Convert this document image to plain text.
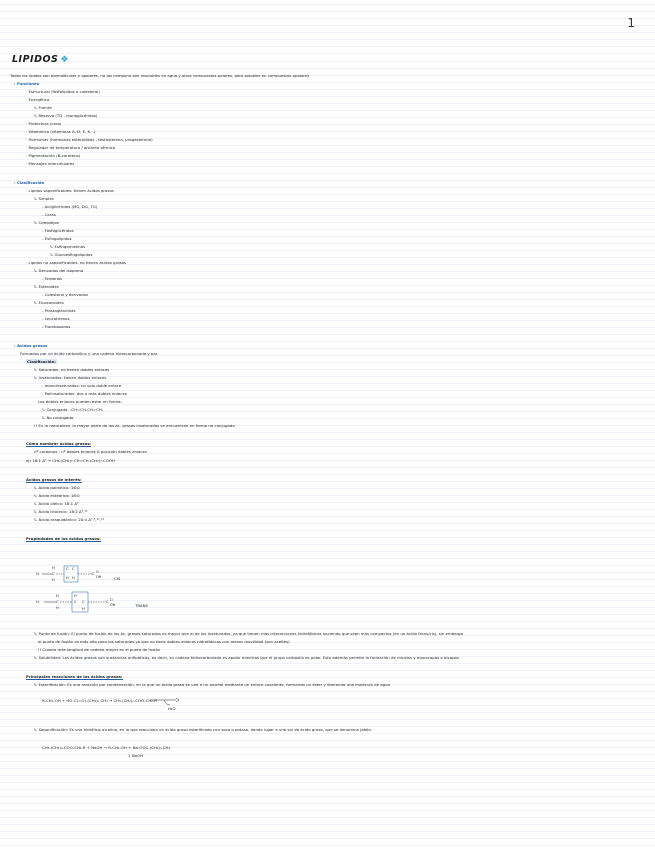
1
LIPIDOS ❖
Todos los lípidos son biomoléculas y apolares, no los compone son insolubles en agua y otros compuestos polares, pero solubles en compuestos apolares
› Funciones
· Estructural (fosfolípidos o colesterol)
· Energética
↳ Fuente
↳ Reserva (TG - monoglicéridos)
· Protectora (cera)
· Vitamínica (vitaminas A, D, E, K...)
· Hormonas (hormonas esteroideas - testosterona, progesterona)
· Regulador de temperatura / aislante térmico
· Pigmentación (B-caroteno)
· Mensajes intercelulares
› Clasificación
· Lípidos saponificables: tienen ácidos grasos
↳ Simples
- Acilglicéridos (MG, DG, TG)
- Ceras
↳ Complejos
- Fosfoglicéridos
- Esfingolípidos
↳ Esfingomielinas
↳ Glucoesfingolípidos
· Lípidos no saponificables: no tienen ácidos grasos
↳ Derivados del isopreno
- Terpenos
↳ Esteroides
- Colesterol y derivados
↳ Eicosanoides
- Prostaglandinas
- Leucotrienos
- Tromboxanos
› Ácidos grasos
Formados por un ácido carboxílico y una cadena hidrocarbonada y par.
Clasificación:
↳ Saturados: no tienen dobles enlaces
↳ Insaturados: tienen dobles enlaces
- monoinsaturados: un solo doble enlace
- Poliinsaturados: dos o más dobles enlaces
Los dobles enlaces pueden estar en forma:
↳ Conjugada: -CH=CH-CH=CH-
↳ No conjugada
!! En la naturaleza, la mayor parte de los ác. grasos insaturados se encuentran en forma no conjugada
Cómo nombrar ácidos grasos:
nº carbonos : nº dobles enlaces Δ posición dobles enlaces
ej) 18:1 Δ⁹ → CH₃-(CH₂)₇-CH=CH-(CH₂)₇-COOH
Ácidos grasos de interés:
↳ Ácido palmítico: 16:0
↳ Ácido esteárico: 18:0
↳ Ácido oleico: 18:1 Δ⁹
↳ Ácido linoleico: 18:2 Δ⁹,¹²
↳ Ácido araquidónico: 20:4 Δ⁵,⁸,¹¹,¹⁴
Propiedades de los ácidos grasos:
CIS
TRANS
↳ Punto de fusión: El punto de fusión de los ác. grasos saturados es mayor que el de los insaturados, ya que tienen más interacciones hidrofóbicas haciendo que sean más compactos (en un ácido trans/cis), sin embargo
el punto de fusión es más alto para los saturados ya que no tiene dobles enlaces hidrofóbicas con menor movilidad (son aceites)
!! Cuanto más longitud de cadena mayor es el punto de fusión
↳ Solubilidad: Los ácidos grasos son sustancias anfipáticas, es decir, su cadena hidrocarbonada es apolar mientras que el grupo carboxilo es polar. Esto además permite la formación de micelas y monocapas o bicapas
Principales reacciones de los ácidos grasos:
↳ Esterificación: Es una reacción por condensación, en la que un ácido graso se une a un alcohol mediante un enlace covalente, formando un éster y liberando una molécula de agua
R-CH₂-OH + HO-C(=O)-(CH₂)ₙ-CH₃ → CH₃-(CH₂)ₙ-COO-CH₂-R
H₂O
↳ Saponificación: Es una hidrólisis alcalina, en la que reacciona un ácido graso esterificado con sosa o potasa, dando lugar a una sal de ácido graso, que se denomina jabón.
CH₃-(CH₂)ₙ-COO-CH₂-R + NaOH → R-CH₂-OH + Na-OOC-(CH₂)ₙ-CH₃
1 NaOH
H-	C
H
H
C C
H H
C O
OH
H-	C
H
H
H
C C
H
C O
OH
